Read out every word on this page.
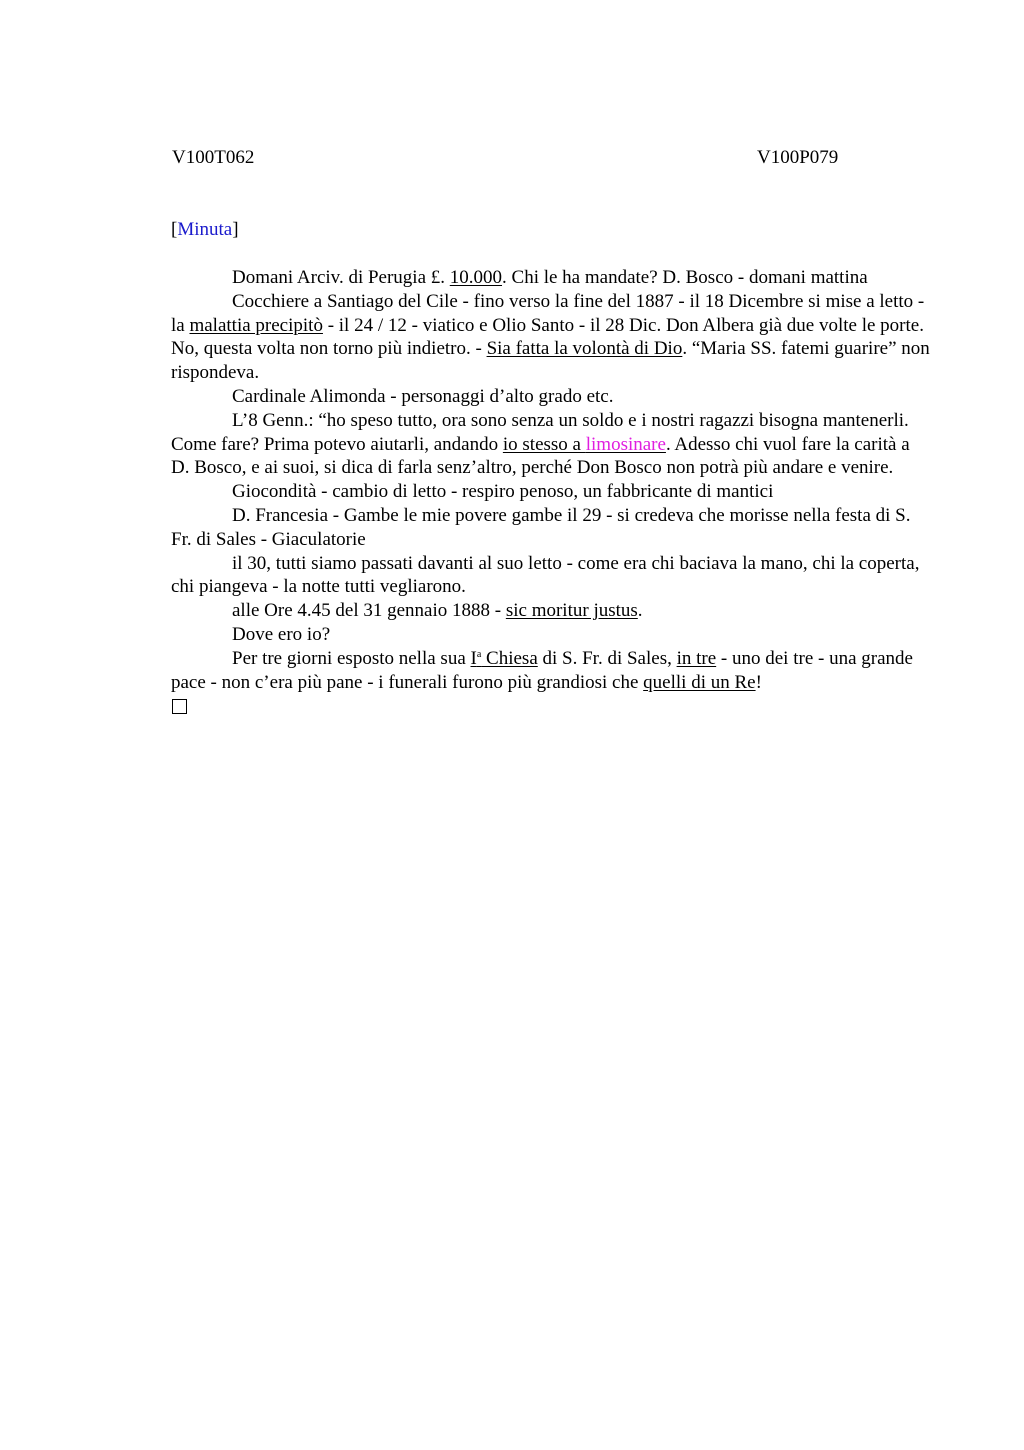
V100T062	V100P079
[Minuta]

Domani Arciv. di Perugia £. 10.000. Chi le ha mandate? D. Bosco - domani mattina

Cocchiere a Santiago del Cile - fino verso la fine del 1887 - il 18 Dicembre si mise a letto - la malattia precipitò - il 24 / 12 - viatico e Olio Santo - il 28 Dic. Don Albera già due volte le porte. No, questa volta non torno più indietro. - Sia fatta la volontà di Dio. “Maria SS. fatemi guarire” non rispondeva.

Cardinale Alimonda - personaggi d’alto grado etc.

L’8 Genn.: “ho speso tutto, ora sono senza un soldo e i nostri ragazzi bisogna mantenerli. Come fare? Prima potevo aiutarli, andando io stesso a limosinare. Adesso chi vuol fare la carità a D. Bosco, e ai suoi, si dica di farla senz’altro, perché Don Bosco non potrà più andare e venire.

Giocondità - cambio di letto - respiro penoso, un fabbricante di mantici

D. Francesia - Gambe le mie povere gambe il 29 - si credeva che morisse nella festa di S. Fr. di Sales - Giaculatorie

il 30, tutti siamo passati davanti al suo letto - come era chi baciava la mano, chi la coperta, chi piangeva - la notte tutti vegliarono.

alle Ore 4.45 del 31 gennaio 1888 - sic moritur justus.

Dove ero io?

Per tre giorni esposto nella sua $I^a$ Chiesa di S. Fr. di Sales, in tre - uno dei tre - una grande pace - non c’era più pane - i funerali furono più grandiosi che quelli di un Re!
